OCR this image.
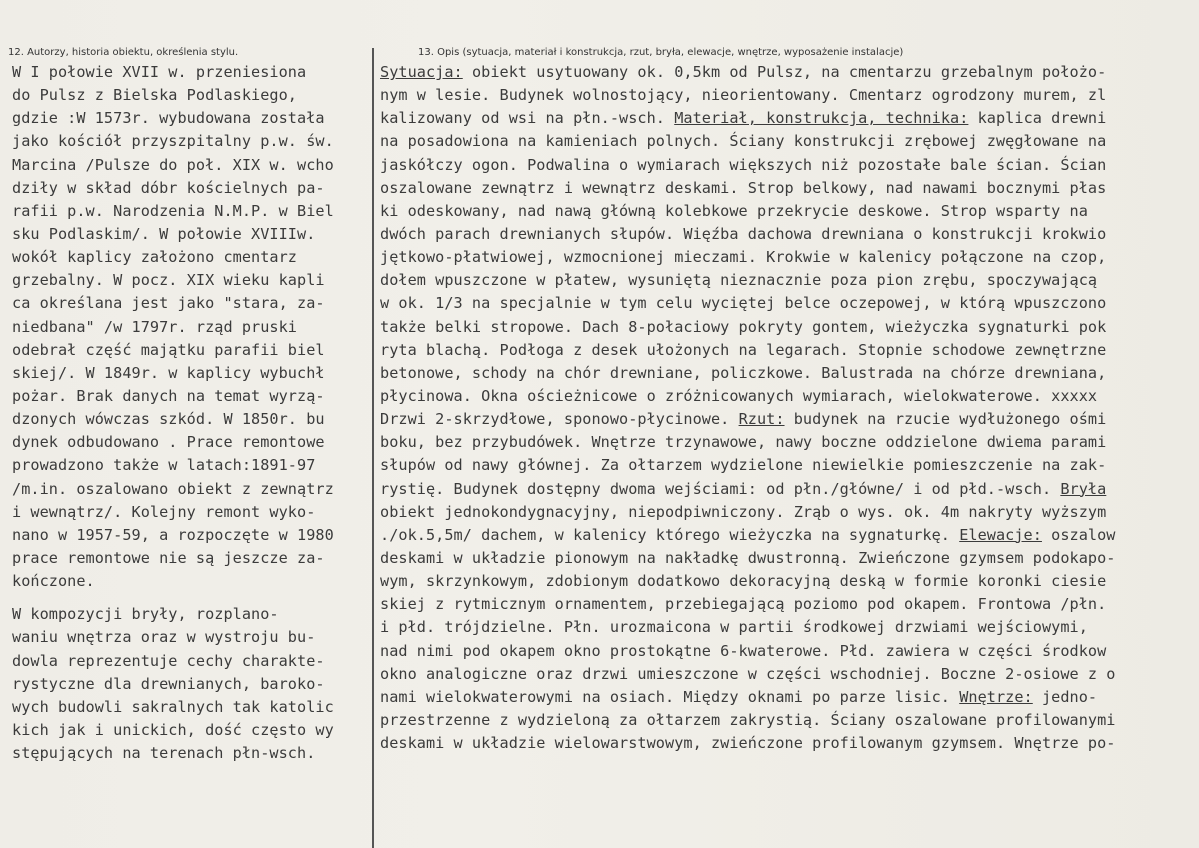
12. Autorzy, historia obiektu, określenia stylu.	13. Opis (sytuacja, materiał i konstrukcja, rzut, bryła, elewacje, wnętrze, wyposażenie instalacje)
W I połowie XVII w. przeniesiona
do Pulsz z Bielska Podlaskiego,
gdzie :W 1573r. wybudowana została
jako kościół przyszpitalny p.w. św.
Marcina /Pulsze do poł. XIX w. wcho
dziły w skład dóbr kościelnych pa-
rafii p.w. Narodzenia N.M.P. w Biel
sku Podlaskim/. W połowie XVIIIw.
wokół kaplicy założono cmentarz
grzebalny. W pocz. XIX wieku kapli
ca określana jest jako "stara, za-
niedbana" /w 1797r. rząd pruski
odebrał część majątku parafii biel
skiej/. W 1849r. w kaplicy wybuchł
pożar. Brak danych na temat wyrzą-
dzonych wówczas szkód. W 1850r. bu
dynek odbudowano . Prace remontowe
prowadzono także w latach:1891-97
/m.in. oszalowano obiekt z zewnątrz
i wewnątrz/. Kolejny remont wyko-
nano w 1957-59, a rozpoczęte w 1980
prace remontowe nie są jeszcze za-
kończone.
W kompozycji bryły, rozplano-
waniu wnętrza oraz w wystroju bu-
dowla reprezentuje cechy charakte-
rystyczne dla drewnianych, baroko-
wych budowli sakralnych tak katolic
kich jak i unickich, dość często wy
stępujących na terenach płn-wsch.
Sytuacja: obiekt usytuowany ok. 0,5km od Pulsz, na cmentarzu grzebalnym położo-
nym w lesie. Budynek wolnostojący, nieorientowany. Cmentarz ogrodzony murem, zl
kalizowany od wsi na płn.-wsch. Materiał, konstrukcja, technika: kaplica drewni
na posadowiona na kamieniach polnych. Ściany konstrukcji zrębowej zwęgłowane na
jaskółczy ogon. Podwalina o wymiarach większych niż pozostałe bale ścian. Ścian
oszalowane zewnątrz i wewnątrz deskami. Strop belkowy, nad nawami bocznymi płas
ki odeskowany, nad nawą główną kolebkowe przekrycie deskowe. Strop wsparty na
dwóch parach drewnianych słupów. Więźba dachowa drewniana o konstrukcji krokwio
jętkowo-płatwiowej, wzmocnionej mieczami. Krokwie w kalenicy połączone na czop,
dołem wpuszczone w płatew, wysuniętą nieznacznie poza pion zrębu, spoczywającą
w ok. 1/3 na specjalnie w tym celu wyciętej belce oczepowej, w którą wpuszczono
także belki stropowe. Dach 8-połaciowy pokryty gontem, wieżyczka sygnaturki pok
ryta blachą. Podłoga z desek ułożonych na legarach. Stopnie schodowe zewnętrzne
betonowe, schody na chór drewniane, policzkowe. Balustrada na chórze drewniana,
płycinowa. Okna ościeżnicowe o zróżnicowanych wymiarach, wielokwaterowe. xxxxx
Drzwi 2-skrzydłowe, sponowo-płycinowe. Rzut: budynek na rzucie wydłużonego ośmi
boku, bez przybudówek. Wnętrze trzynawowe, nawy boczne oddzielone dwiema parami
słupów od nawy głównej. Za ołtarzem wydzielone niewielkie pomieszczenie na zak-
rystię. Budynek dostępny dwoma wejściami: od płn./główne/ i od płd.-wsch. Bryła
obiekt jednokondygnacyjny, niepodpiwniczony. Zrąb o wys. ok. 4m nakryty wyższym
./ok.5,5m/ dachem, w kalenicy którego wieżyczka na sygnaturkę. Elewacje: oszalow
deskami w układzie pionowym na nakładkę dwustronną. Zwieńczone gzymsem podokapo-
wym, skrzynkowym, zdobionym dodatkowo dekoracyjną deską w formie koronki ciesie
skiej z rytmicznym ornamentem, przebiegającą poziomo pod okapem. Frontowa /płn.
i płd. trójdzielne. Płn. urozmaicona w partii środkowej drzwiami wejściowymi,
nad nimi pod okapem okno prostokątne 6-kwaterowe. Płd. zawiera w części środkow
okno analogiczne oraz drzwi umieszczone w części wschodniej. Boczne 2-osiowe z o
nami wielokwaterowymi na osiach. Między oknami po parze lisic. Wnętrze: jedno-
przestrzenne z wydzieloną za ołtarzem zakrystią. Ściany oszalowane profilowanymi
deskami w układzie wielowarstwowym, zwieńczone profilowanym gzymsem. Wnętrze po-
